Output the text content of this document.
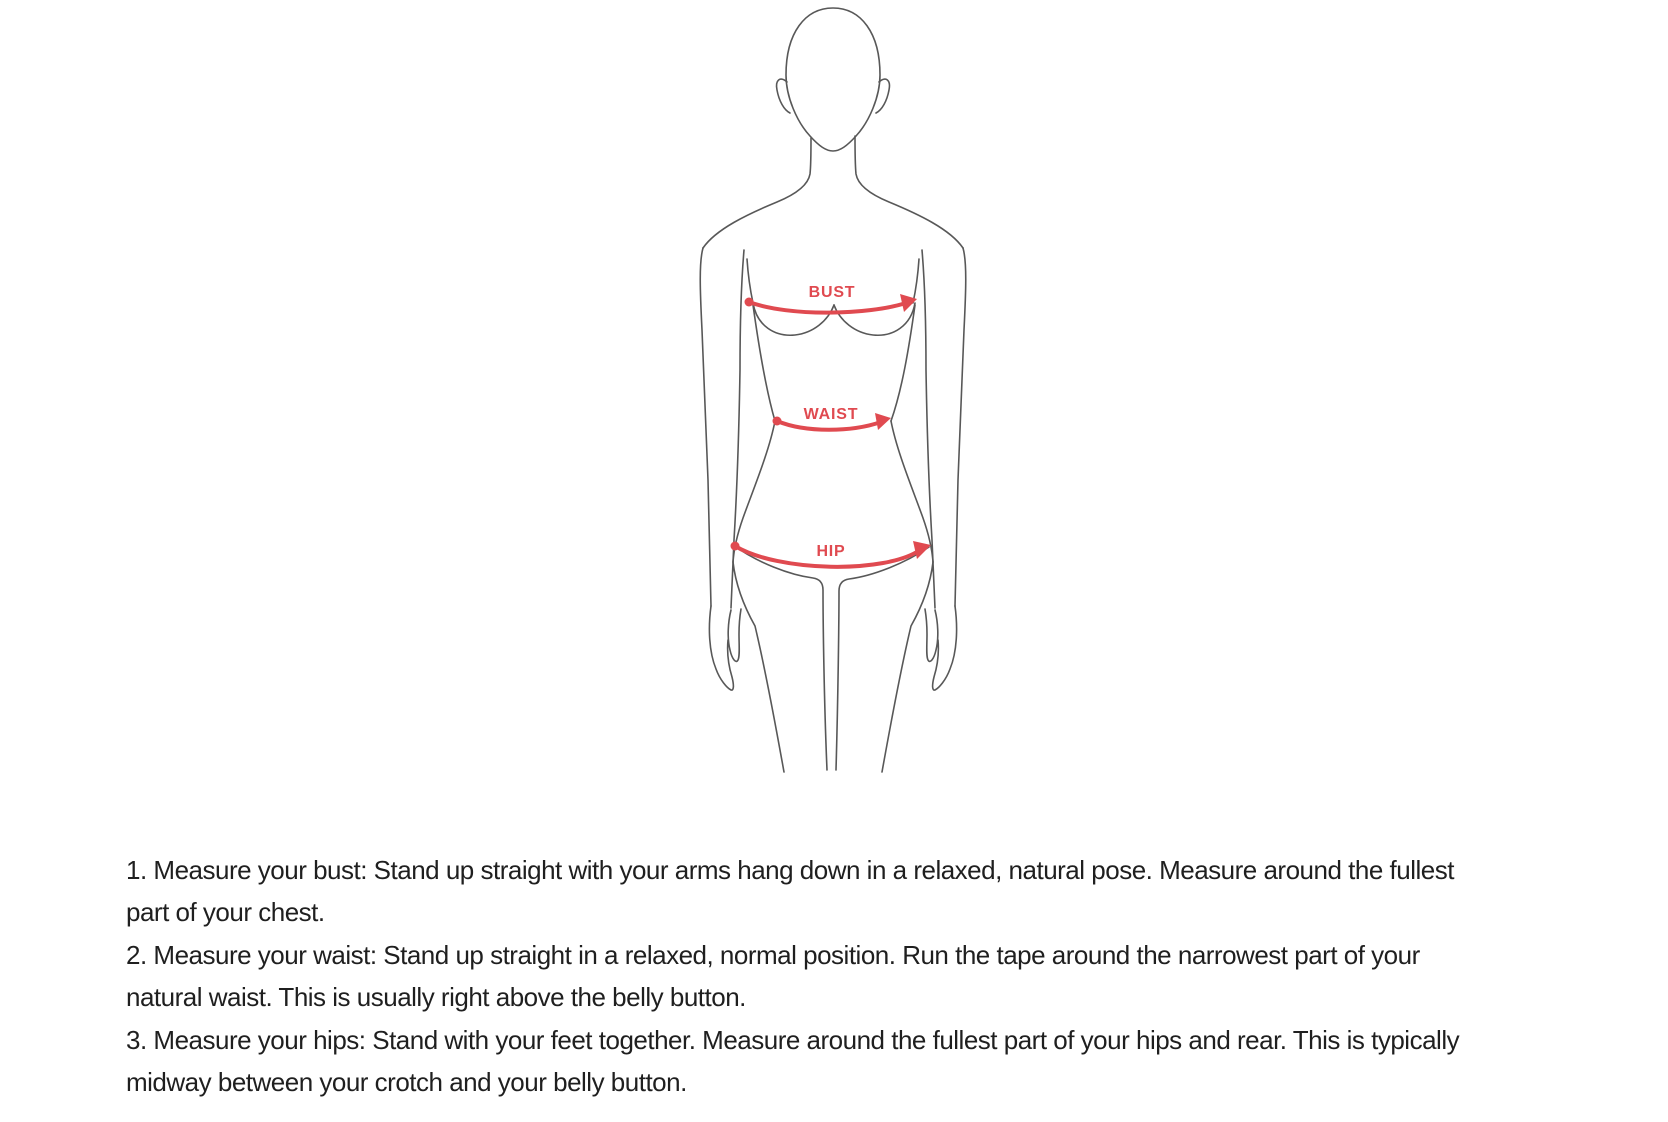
BUST
WAIST
HIP

1. Measure your bust: Stand up straight with your arms hang down in a relaxed, natural pose. Measure around the fullest
part of your chest.

2. Measure your waist: Stand up straight in a relaxed, normal position. Run the tape around the narrowest part of your
natural waist. This is usually right above the belly button.

3. Measure your hips: Stand with your feet together. Measure around the fullest part of your hips and rear. This is typically
midway between your crotch and your belly button.
